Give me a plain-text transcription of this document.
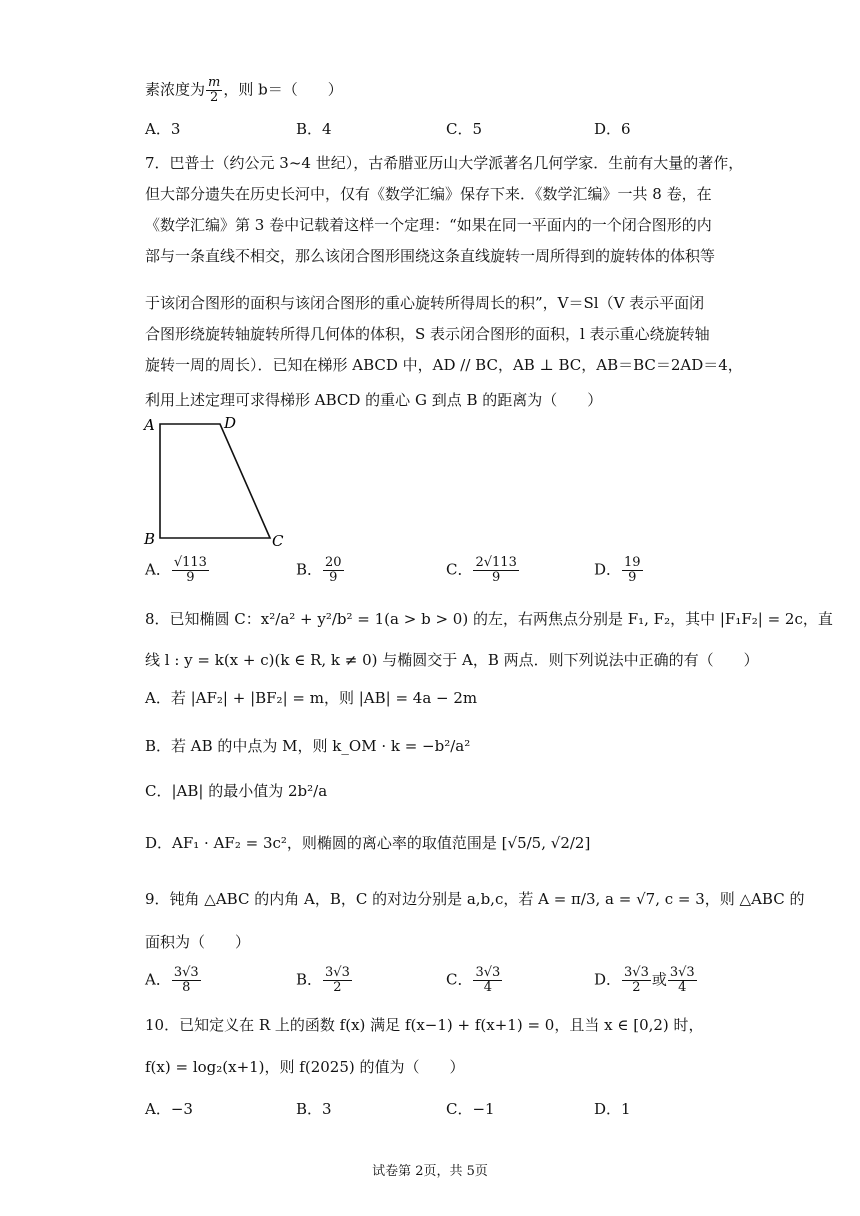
素浓度为 $\frac{m}{2}$ ，则 b＝（　　）
A．3	B．4	C．5	D．6
7．巴普士（约公元 3~4 世纪），古希腊亚历山大学派著名几何学家．生前有大量的著作，
但大部分遗失在历史长河中，仅有《数学汇编》保存下来．《数学汇编》一共 8 卷，在
《数学汇编》第 3 卷中记载着这样一个定理：“如果在同一平面内的一个闭合图形的内
部与一条直线不相交，那么该闭合图形围绕这条直线旋转一周所得到的旋转体的体积等
于该闭合图形的面积与该闭合图形的重心旋转所得周长的积”，V＝Sl（V 表示平面闭
合图形绕旋转轴旋转所得几何体的体积，S 表示闭合图形的面积，l 表示重心绕旋转轴
旋转一周的周长）．已知在梯形 ABCD 中，AD // BC，AB ⊥ BC，AB＝BC＝2AD＝4，
利用上述定理可求得梯形 ABCD 的重心 G 到点 B 的距离为（　　）
A	D
B	C
A． $\frac{√113}{9}$	B． $\frac{20}{9}$	C． $\frac{2√113}{9}$	D． $\frac{19}{9}$
8．已知椭圆 C：x²/a² + y²/b² = 1(a > b > 0) 的左，右两焦点分别是 F₁, F₂，其中 |F₁F₂| = 2c，直
线 l : y = k(x + c)(k ∈ R, k ≠ 0) 与椭圆交于 A，B 两点．则下列说法中正确的有（　　）
A．若 |AF₂| + |BF₂| = m，则 |AB| = 4a − 2m
B．若 AB 的中点为 M，则 k_OM · k = −b²/a²
C．|AB| 的最小值为 2b²/a
D．AF₁ · AF₂ = 3c²，则椭圆的离心率的取值范围是 [√5/5, √2/2]
9．钝角 △ABC 的内角 A，B，C 的对边分别是 a,b,c，若 A = π/3, a = √7, c = 3，则 △ABC 的
面积为（　　）
A． $\frac{3√3}{8}$	B． $\frac{3√3}{2}$	C． $\frac{3√3}{4}$	D． $\frac{3√3}{2}$ 或 $\frac{3√3}{4}$
10．已知定义在 R 上的函数 f(x) 满足 f(x−1) + f(x+1) = 0，且当 x ∈ [0,2) 时，
f(x) = log₂(x+1)，则 f(2025) 的值为（　　）
A．−3	B．3	C．−1	D．1
试卷第 2页，共 5页
